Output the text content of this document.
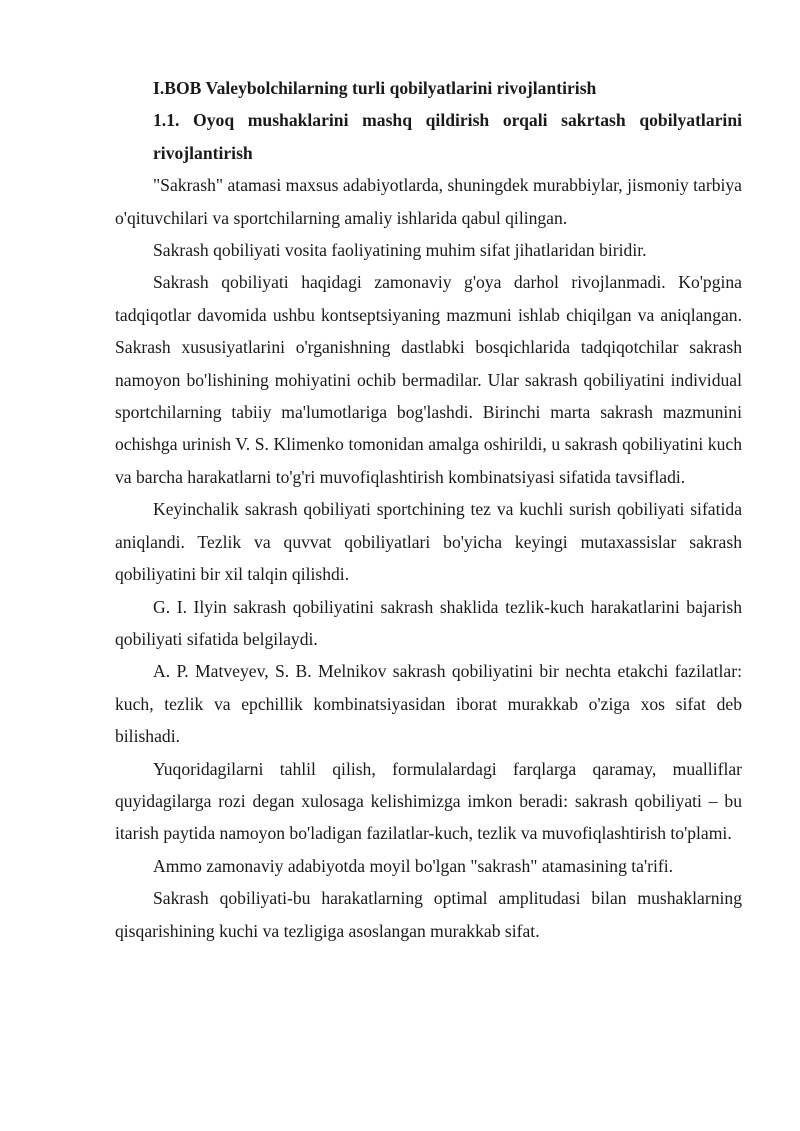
I.BOB Valeybolchilarning turli qobilyatlarini rivojlantirish

1.1. Oyoq mushaklarini mashq qildirish orqali sakrtash qobilyatlarini rivojlantirish

"Sakrash" atamasi maxsus adabiyotlarda, shuningdek murabbiylar, jismoniy tarbiya o'qituvchilari va sportchilarning amaliy ishlarida qabul qilingan.

Sakrash qobiliyati vosita faoliyatining muhim sifat jihatlaridan biridir.

Sakrash qobiliyati haqidagi zamonaviy g'oya darhol rivojlanmadi. Ko'pgina tadqiqotlar davomida ushbu kontseptsiyaning mazmuni ishlab chiqilgan va aniqlangan. Sakrash xususiyatlarini o'rganishning dastlabki bosqichlarida tadqiqotchilar sakrash namoyon bo'lishining mohiyatini ochib bermadilar. Ular sakrash qobiliyatini individual sportchilarning tabiiy ma'lumotlariga bog'lashdi. Birinchi marta sakrash mazmunini ochishga urinish V. S. Klimenko tomonidan amalga oshirildi, u sakrash qobiliyatini kuch va barcha harakatlarni to'g'ri muvofiqlashtirish kombinatsiyasi sifatida tavsifladi.

Keyinchalik sakrash qobiliyati sportchining tez va kuchli surish qobiliyati sifatida aniqlandi. Tezlik va quvvat qobiliyatlari bo'yicha keyingi mutaxassislar sakrash qobiliyatini bir xil talqin qilishdi.

G. I. Ilyin sakrash qobiliyatini sakrash shaklida tezlik-kuch harakatlarini bajarish qobiliyati sifatida belgilaydi.

A. P. Matveyev, S. B. Melnikov sakrash qobiliyatini bir nechta etakchi fazilatlar: kuch, tezlik va epchillik kombinatsiyasidan iborat murakkab o'ziga xos sifat deb bilishadi.

Yuqoridagilarni tahlil qilish, formulalardagi farqlarga qaramay, mualliflar quyidagilarga rozi degan xulosaga kelishimizga imkon beradi: sakrash qobiliyati – bu itarish paytida namoyon bo'ladigan fazilatlar-kuch, tezlik va muvofiqlashtirish to'plami.

Ammo zamonaviy adabiyotda moyil bo'lgan "sakrash" atamasining ta'rifi.

Sakrash qobiliyati-bu harakatlarning optimal amplitudasi bilan mushaklarning qisqarishining kuchi va tezligiga asoslangan murakkab sifat.
